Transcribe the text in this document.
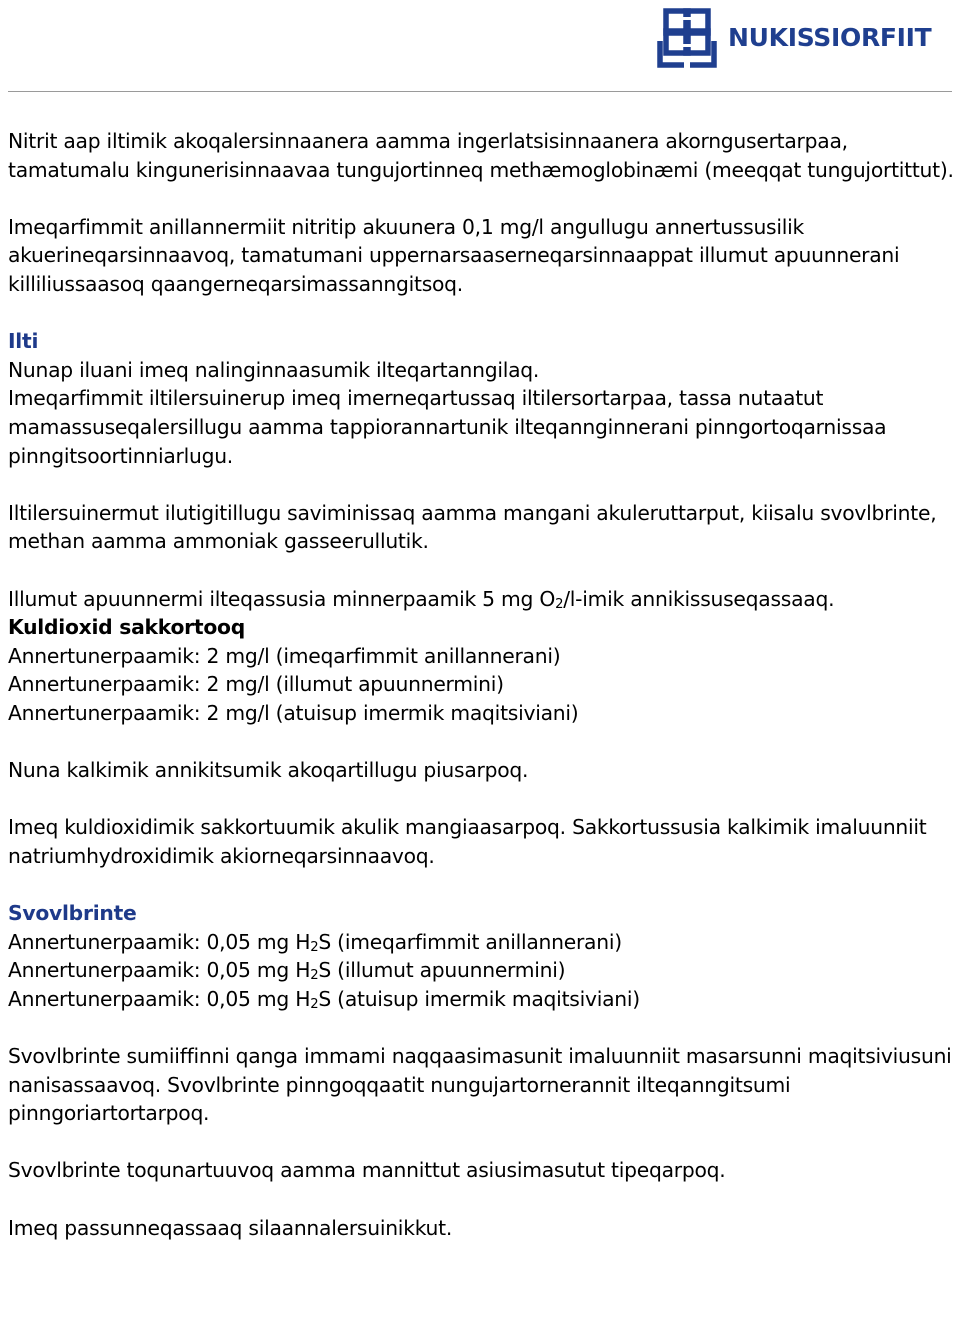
NUKISSIORFIIT

Nitrit aap iltimik akoqalersinnaanera aamma ingerlatsisinnaanera akorngusertarpaa, tamatumalu kingunerisinnaavaa tungujortinneq methæmoglobinæmi (meeqqat tungujortittut).

Imeqarfimmit anillannermiit nitritip akuunera 0,1 mg/l angullugu annertussusilik akuerineqarsinnaavoq, tamatumani uppernarsaaserneqarsinnaappat illumut apuunnerani killiliussaasoq qaangerneqarsimassanngitsoq.

Ilti

Nunap iluani imeq nalinginnaasumik ilteqartanngilaq.

Imeqarfimmit iltilersuinerup imeq imerneqartussaq iltilersortarpaa, tassa nutaatut mamassuseqalersillugu aamma tappiorannartunik ilteqannginnerani pinngortoqarnissaa pinngitsoortinniarlugu.

Iltilersuinermut ilutigitillugu saviminissaq aamma mangani akuleruttarput, kiisalu svovlbrinte, methan aamma ammoniak gasseerullutik.

Illumut apuunnermi ilteqassusia minnerpaamik 5 mg $O_2/l$-imik annikissuseqassaaq.

Kuldioxid sakkortooq

Annertunerpaamik: 2 mg/l (imeqarfimmit anillannerani)

Annertunerpaamik: 2 mg/l (illumut apuunnermini)

Annertunerpaamik: 2 mg/l (atuisup imermik maqitsiviani)

Nuna kalkimik annikitsumik akoqartillugu piusarpoq.

Imeq kuldioxidimik sakkortuumik akulik mangiaasarpoq. Sakkortussusia kalkimik imaluunniit natriumhydroxidimik akiorneqarsinnaavoq.

Svovlbrinte

Annertunerpaamik: 0,05 mg $H_2S$ (imeqarfimmit anillannerani)

Annertunerpaamik: 0,05 mg $H_2S$ (illumut apuunnermini)

Annertunerpaamik: 0,05 mg $H_2S$ (atuisup imermik maqitsiviani)

Svovlbrinte sumiiffinni qanga immami naqqaasimasunit imaluunniit masarsunni maqitsiviusuni nanisassaavoq. Svovlbrinte pinngoqqaatit nungujartornerannit ilteqanngitsumi pinngoriartortarpoq.

Svovlbrinte toqunartuuvoq aamma mannittut asiusimasutut tipeqarpoq.

Imeq passunneqassaaq silaannalersuinikkut.
